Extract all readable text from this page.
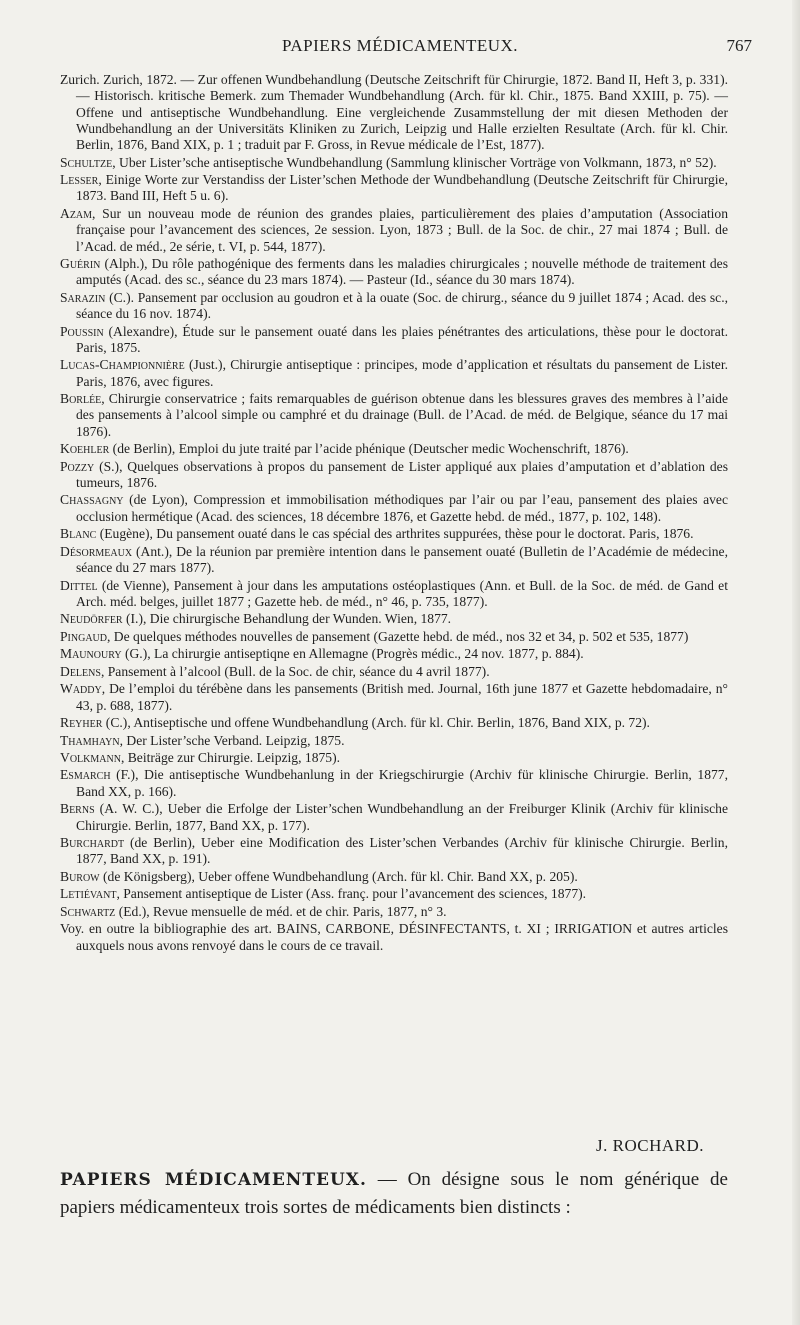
PAPIERS MÉDICAMENTEUX.	767

Zurich. Zurich, 1872. — Zur offenen Wundbehandlung (Deutsche Zeitschrift für Chirurgie, 1872. Band II, Heft 3, p. 331). — Historisch. kritische Bemerk. zum Themader Wundbehandlung (Arch. für kl. Chir., 1875. Band XXIII, p. 75). — Offene und antiseptische Wundbehandlung. Eine vergleichende Zusammstellung der mit diesen Methoden der Wundbehandlung an der Universitäts Kliniken zu Zurich, Leipzig und Halle erzielten Resultate (Arch. für kl. Chir. Berlin, 1876, Band XIX, p. 1 ; traduit par F. Gross, in Revue médicale de l’Est, 1877).

Schultze, Uber Lister’sche antiseptische Wundbehandlung (Sammlung klinischer Vorträge von Volkmann, 1873, n° 52).

Lesser, Einige Worte zur Verstandiss der Lister’schen Methode der Wundbehandlung (Deutsche Zeitschrift für Chirurgie, 1873. Band III, Heft 5 u. 6).

Azam, Sur un nouveau mode de réunion des grandes plaies, particulièrement des plaies d’amputation (Association française pour l’avancement des sciences, 2e session. Lyon, 1873 ; Bull. de la Soc. de chir., 27 mai 1874 ; Bull. de l’Acad. de méd., 2e série, t. VI, p. 544, 1877).

Guérin (Alph.), Du rôle pathogénique des ferments dans les maladies chirurgicales ; nouvelle méthode de traitement des amputés (Acad. des sc., séance du 23 mars 1874). — Pasteur (Id., séance du 30 mars 1874).

Sarazin (C.). Pansement par occlusion au goudron et à la ouate (Soc. de chirurg., séance du 9 juillet 1874 ; Acad. des sc., séance du 16 nov. 1874).

Poussin (Alexandre), Étude sur le pansement ouaté dans les plaies pénétrantes des articulations, thèse pour le doctorat. Paris, 1875.

Lucas-Championnière (Just.), Chirurgie antiseptique : principes, mode d’application et résultats du pansement de Lister. Paris, 1876, avec figures.

Borlée, Chirurgie conservatrice ; faits remarquables de guérison obtenue dans les blessures graves des membres à l’aide des pansements à l’alcool simple ou camphré et du drainage (Bull. de l’Acad. de méd. de Belgique, séance du 17 mai 1876).

Koehler (de Berlin), Emploi du jute traité par l’acide phénique (Deutscher medic Wochenschrift, 1876).

Pozzy (S.), Quelques observations à propos du pansement de Lister appliqué aux plaies d’amputation et d’ablation des tumeurs, 1876.

Chassagny (de Lyon), Compression et immobilisation méthodiques par l’air ou par l’eau, pansement des plaies avec occlusion hermétique (Acad. des sciences, 18 décembre 1876, et Gazette hebd. de méd., 1877, p. 102, 148).

Blanc (Eugène), Du pansement ouaté dans le cas spécial des arthrites suppurées, thèse pour le doctorat. Paris, 1876.

Désormeaux (Ant.), De la réunion par première intention dans le pansement ouaté (Bulletin de l’Académie de médecine, séance du 27 mars 1877).

Dittel (de Vienne), Pansement à jour dans les amputations ostéoplastiques (Ann. et Bull. de la Soc. de méd. de Gand et Arch. méd. belges, juillet 1877 ; Gazette heb. de méd., n° 46, p. 735, 1877).

Neudörfer (I.), Die chirurgische Behandlung der Wunden. Wien, 1877.

Pingaud, De quelques méthodes nouvelles de pansement (Gazette hebd. de méd., nos 32 et 34, p. 502 et 535, 1877)

Maunoury (G.), La chirurgie antiseptiqne en Allemagne (Progrès médic., 24 nov. 1877, p. 884).

Delens, Pansement à l’alcool (Bull. de la Soc. de chir, séance du 4 avril 1877).

Waddy, De l’emploi du térébène dans les pansements (British med. Journal, 16th june 1877 et Gazette hebdomadaire, n° 43, p. 688, 1877).

Reyher (C.), Antiseptische und offene Wundbehandlung (Arch. für kl. Chir. Berlin, 1876, Band XIX, p. 72).

Thamhayn, Der Lister’sche Verband. Leipzig, 1875.

Volkmann, Beiträge zur Chirurgie. Leipzig, 1875).

Esmarch (F.), Die antiseptische Wundbehanlung in der Kriegschirurgie (Archiv für klinische Chirurgie. Berlin, 1877, Band XX, p. 166).

Berns (A. W. C.), Ueber die Erfolge der Lister’schen Wundbehandlung an der Freiburger Klinik (Archiv für klinische Chirurgie. Berlin, 1877, Band XX, p. 177).

Burchardt (de Berlin), Ueber eine Modification des Lister’schen Verbandes (Archiv für klinische Chirurgie. Berlin, 1877, Band XX, p. 191).

Burow (de Königsberg), Ueber offene Wundbehandlung (Arch. für kl. Chir. Band XX, p. 205).

Letiévant, Pansement antiseptique de Lister (Ass. franç. pour l’avancement des sciences, 1877).

Schwartz (Ed.), Revue mensuelle de méd. et de chir. Paris, 1877, n° 3.

Voy. en outre la bibliographie des art. BAINS, CARBONE, DÉSINFECTANTS, t. XI ; IRRIGATION et autres articles auxquels nous avons renvoyé dans le cours de ce travail.

J. ROCHARD.
PAPIERS MÉDICAMENTEUX. — On désigne sous le nom générique de papiers médicamenteux trois sortes de médicaments bien distincts :
